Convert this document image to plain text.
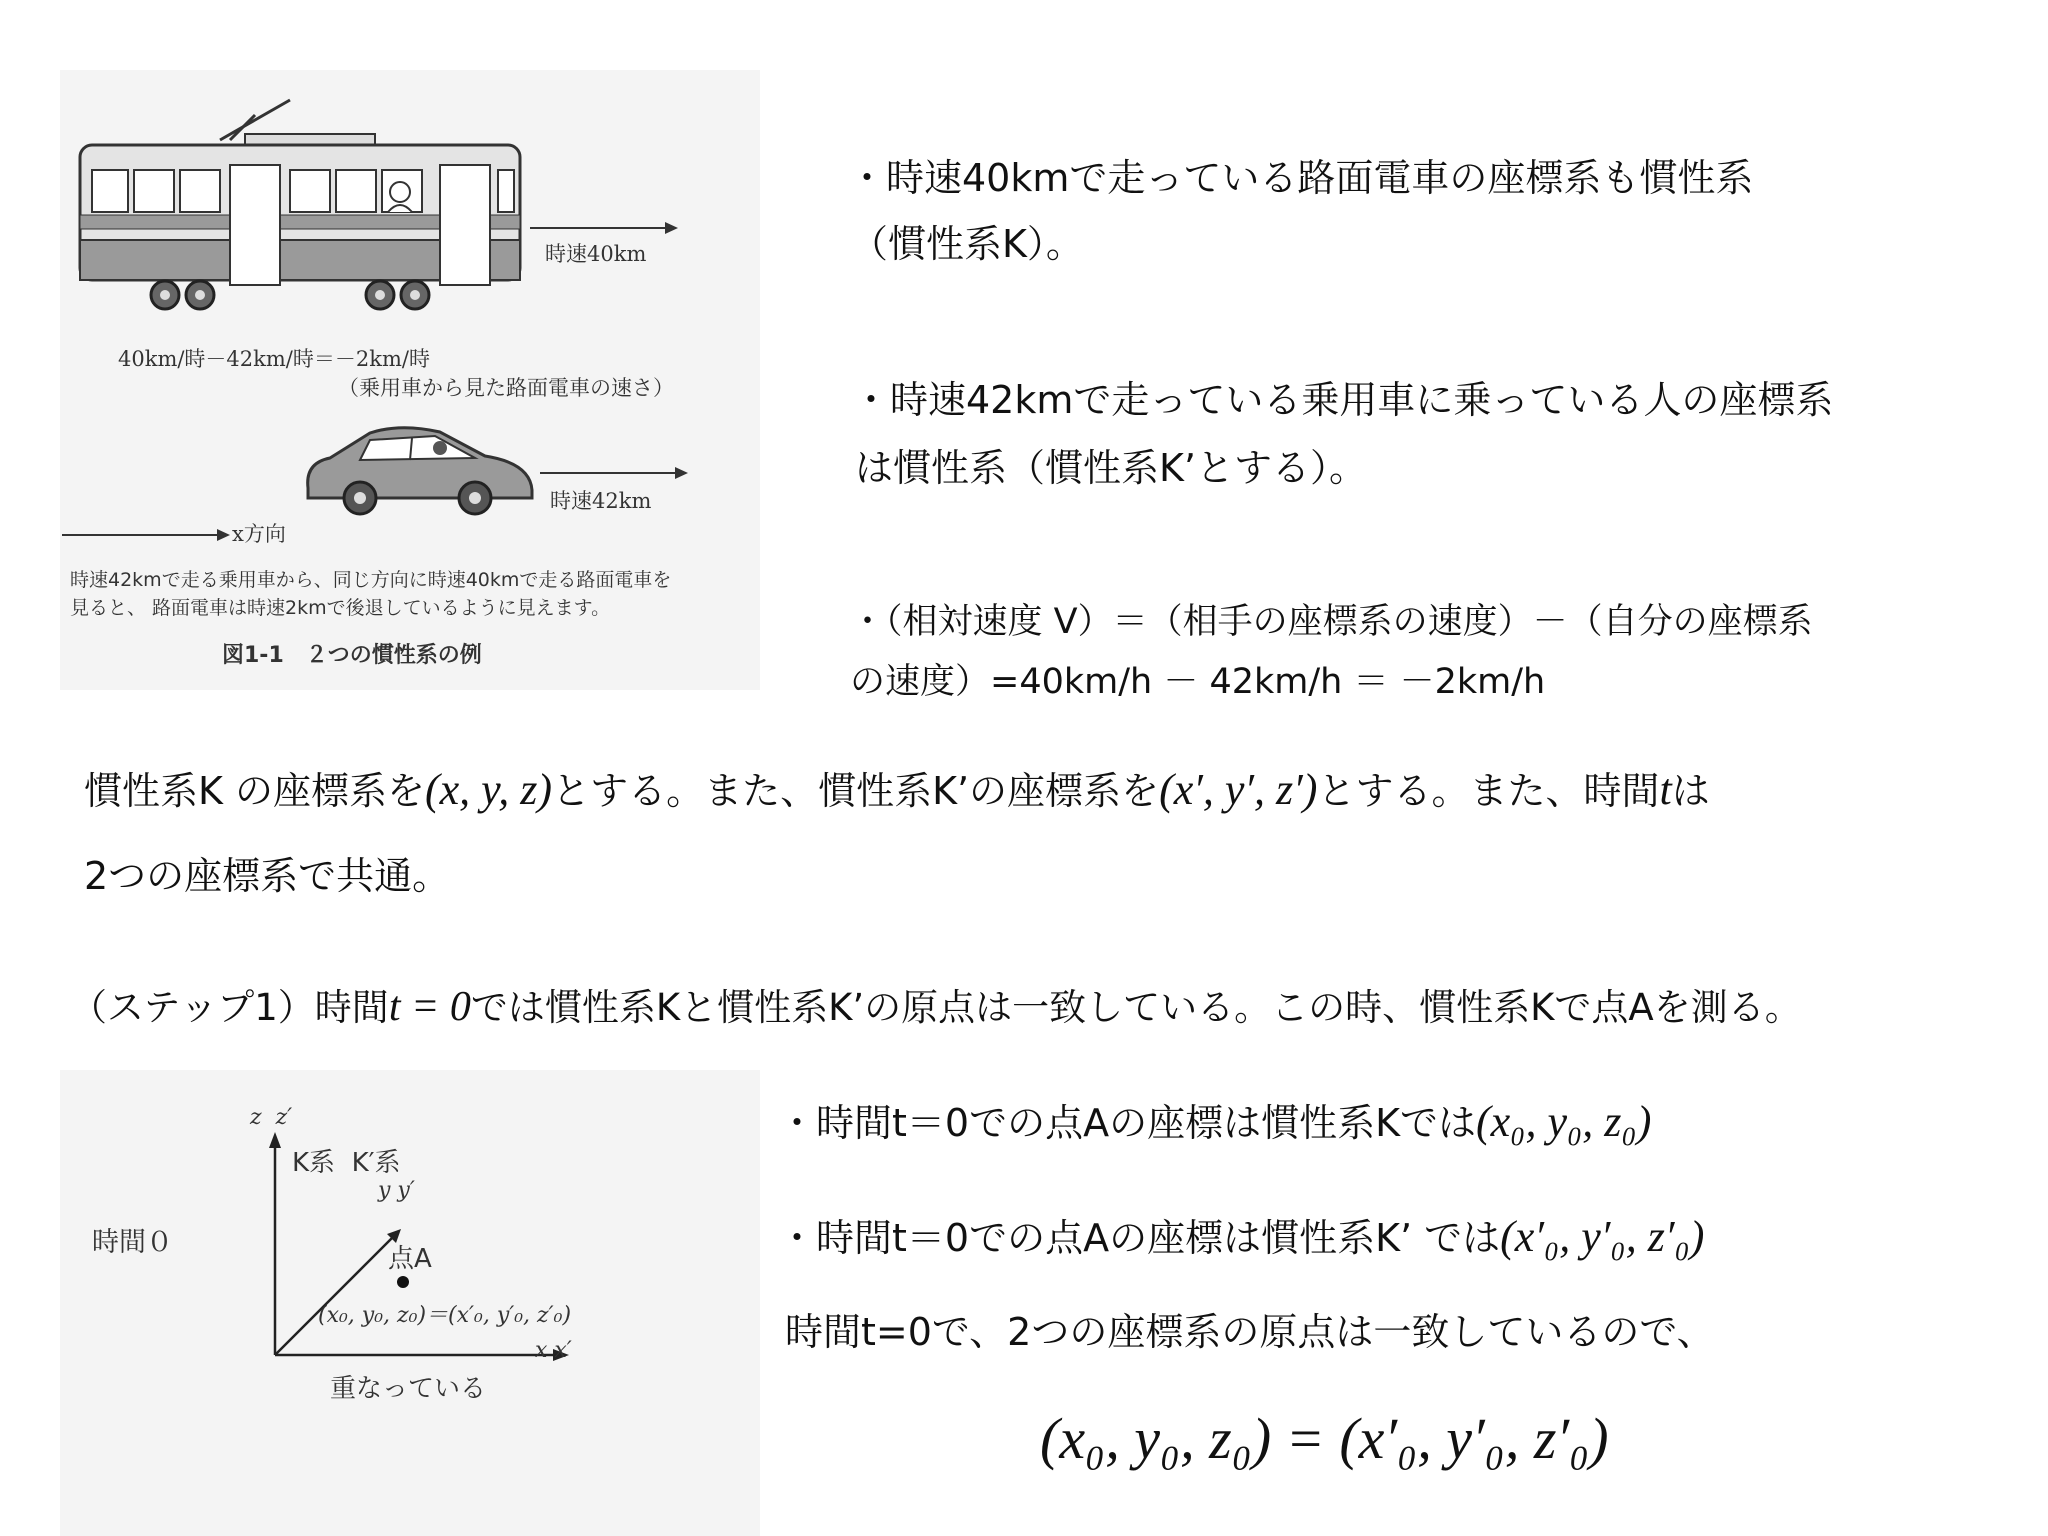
時速40km
40km/時－42km/時＝－2km/時
（乗用車から見た路面電車の速さ）
時速42km
x方向
時速42kmで走る乗用車から、同じ方向に時速40kmで走る路面電車を
見ると、 路面電車は時速2kmで後退しているように見えます。
図1-1　２つの慣性系の例
・時速40kmで走っている路面電車の座標系も慣性系
（慣性系K）。
・時速42kmで走っている乗用車に乗っている人の座標系
は慣性系（慣性系K’とする）。
・（相対速度 V）＝（相手の座標系の速度）－（自分の座標系
の速度）=40km/h － 42km/h ＝ －2km/h
慣性系K の座標系を(x, y, z)とする。また、慣性系K’の座標系を(x′, y′, z′)とする。また、時間tは
2つの座標系で共通。
（ステップ1）時間t = 0では慣性系Kと慣性系K’の原点は一致している。この時、慣性系Kで点Aを測る。
z  z′
K系  K′系
y y′
点A
時間０
(x₀, y₀, z₀)＝(x′₀, y′₀, z′₀)
x x′
重なっている
・時間t＝0での点Aの座標は慣性系Kでは(x₀, y₀, z₀)
・時間t＝0での点Aの座標は慣性系K’ では(x′₀, y′₀, z′₀)
時間t=0で、2つの座標系の原点は一致しているので、
(x₀, y₀, z₀) = (x′₀, y′₀, z′₀)
